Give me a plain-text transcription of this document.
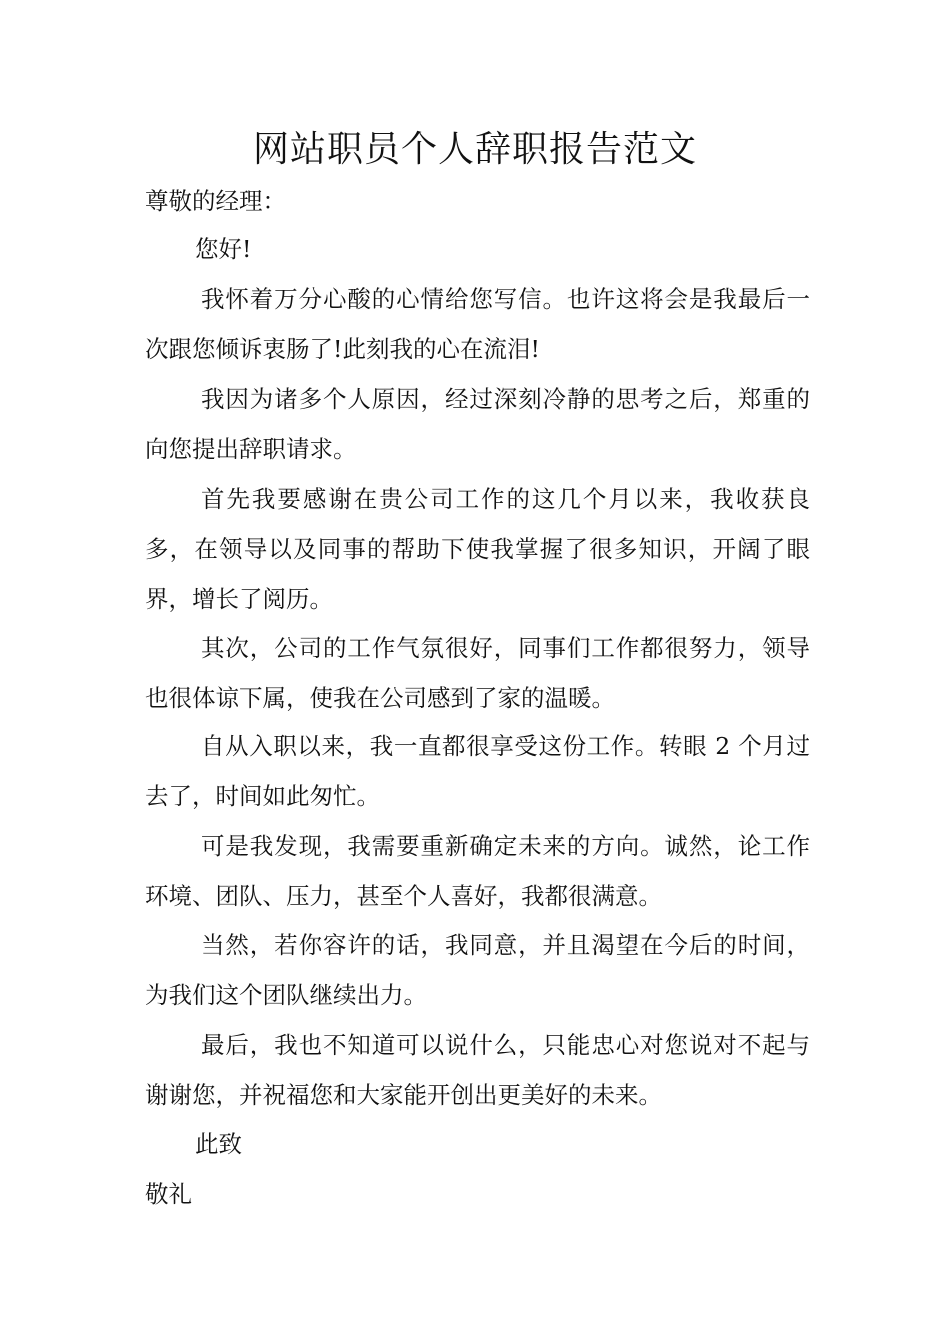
网站职员个人辞职报告范文
尊敬的经理：
您好!
我怀着万分心酸的心情给您写信。也许这将会是我最后一次跟您倾诉衷肠了!此刻我的心在流泪!
我因为诸多个人原因，经过深刻冷静的思考之后，郑重的向您提出辞职请求。
首先我要感谢在贵公司工作的这几个月以来，我收获良多，在领导以及同事的帮助下使我掌握了很多知识，开阔了眼界，增长了阅历。
其次，公司的工作气氛很好，同事们工作都很努力，领导也很体谅下属，使我在公司感到了家的温暖。
自从入职以来，我一直都很享受这份工作。转眼 2 个月过去了，时间如此匆忙。
可是我发现，我需要重新确定未来的方向。诚然，论工作环境、团队、压力，甚至个人喜好，我都很满意。
当然，若你容许的话，我同意，并且渴望在今后的时间，为我们这个团队继续出力。
最后，我也不知道可以说什么，只能忠心对您说对不起与谢谢您，并祝福您和大家能开创出更美好的未来。
此致
敬礼
